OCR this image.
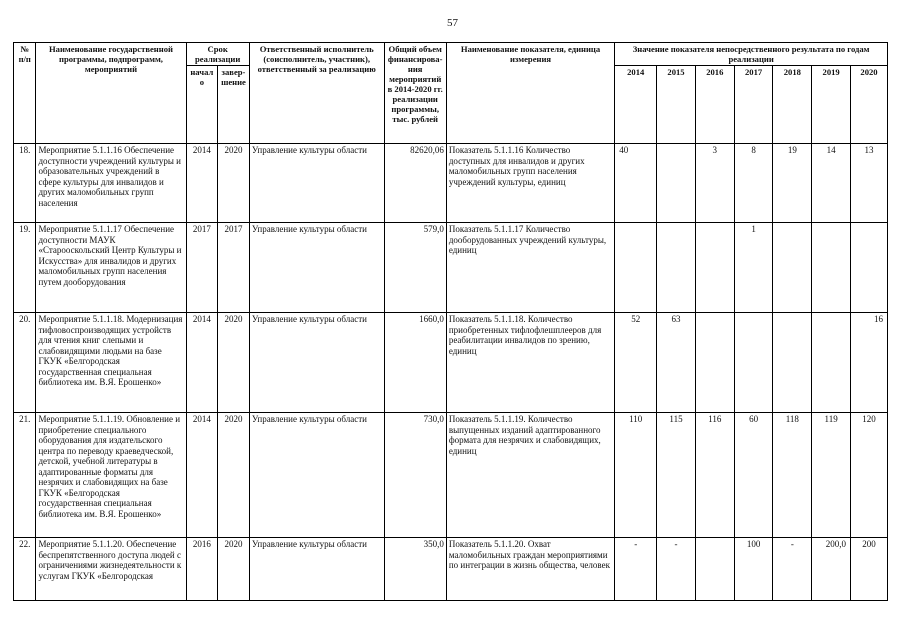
57
№ п/п	Наименование государственной программы, подпрограмм, мероприятий	Срок реализации		Ответственный исполнитель (соисполнитель, участник), ответственный за реализацию	Общий объем финансирова-ния мероприятий в 2014-2020 гг. реализации программы, тыс. рублей	Наименование показателя, единица измерения	Значение показателя непосредственного результата по годам реализации						
		начало	завер-шение				2014	2015	2016	2017	2018	2019	2020
18.	Мероприятие 5.1.1.16 Обеспечение доступности учреждений культуры и образовательных учреждений в сфере культуры для инвалидов и других маломобильных групп населения	2014	2020	Управление культуры области	82620,06	Показатель 5.1.1.16 Количество доступных для инвалидов и других маломобильных групп населения учреждений культуры, единиц	40		3	8	19	14	13
19.	Мероприятие 5.1.1.17 Обеспечение доступности МАУК «Старооскольский Центр Культуры и Искусства» для инвалидов и других маломобильных групп населения путем дооборудования	2017	2017	Управление культуры области	579,0	Показатель 5.1.1.17 Количество дооборудованных учреждений культуры, единиц				1			
20.	Мероприятие 5.1.1.18. Модернизация тифловоспроизводящих устройств для чтения книг слепыми и слабовидящими людьми на базе ГКУК «Белгородская государственная специальная библиотека им. В.Я. Ерошенко»	2014	2020	Управление культуры области	1660,0	Показатель 5.1.1.18. Количество приобретенных тифлофлешплееров для реабилитации инвалидов по зрению, единиц	52	63					16
21.	Мероприятие 5.1.1.19. Обновление и приобретение специального оборудования для издательского центра по переводу краеведческой, детской, учебной литературы в адаптированные форматы для незрячих и слабовидящих на базе ГКУК «Белгородская государственная специальная библиотека им. В.Я. Ерошенко»	2014	2020	Управление культуры области	730,0	Показатель 5.1.1.19. Количество выпущенных изданий адаптированного формата для незрячих и слабовидящих, единиц	110	115	116	60	118	119	120
22.	Мероприятие 5.1.1.20. Обеспечение беспрепятственного доступа людей с ограничениями жизнедеятельности к услугам ГКУК «Белгородская	2016	2020	Управление культуры области	350,0	Показатель 5.1.1.20. Охват маломобильных граждан мероприятиями по интеграции в жизнь общества, человек	-	-		100	-	200,0	200
